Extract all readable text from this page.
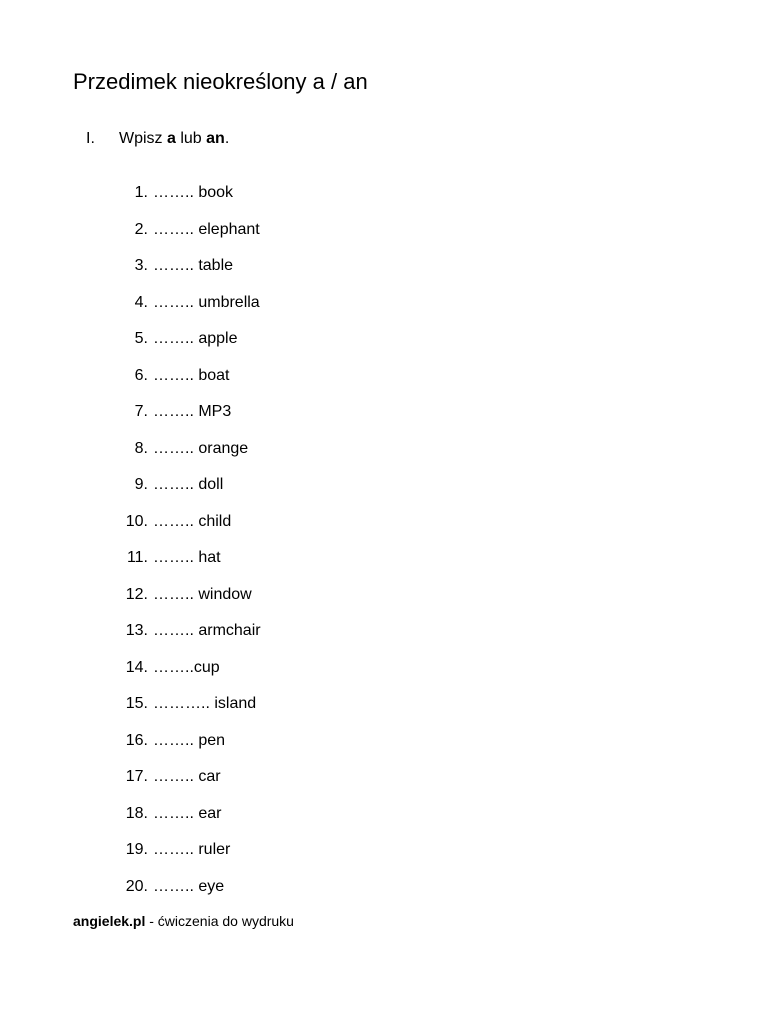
Przedimek nieokreślony a / an
I. Wpisz a lub an.
1. …….. book
2. …….. elephant
3. …….. table
4. …….. umbrella
5. …….. apple
6. …….. boat
7. …….. MP3
8. …….. orange
9. …….. doll
10. …….. child
11. …….. hat
12. …….. window
13. …….. armchair
14. ……..cup
15. ……….. island
16. …….. pen
17. …….. car
18. …….. ear
19. …….. ruler
20. …….. eye
angielek.pl - ćwiczenia do wydruku
